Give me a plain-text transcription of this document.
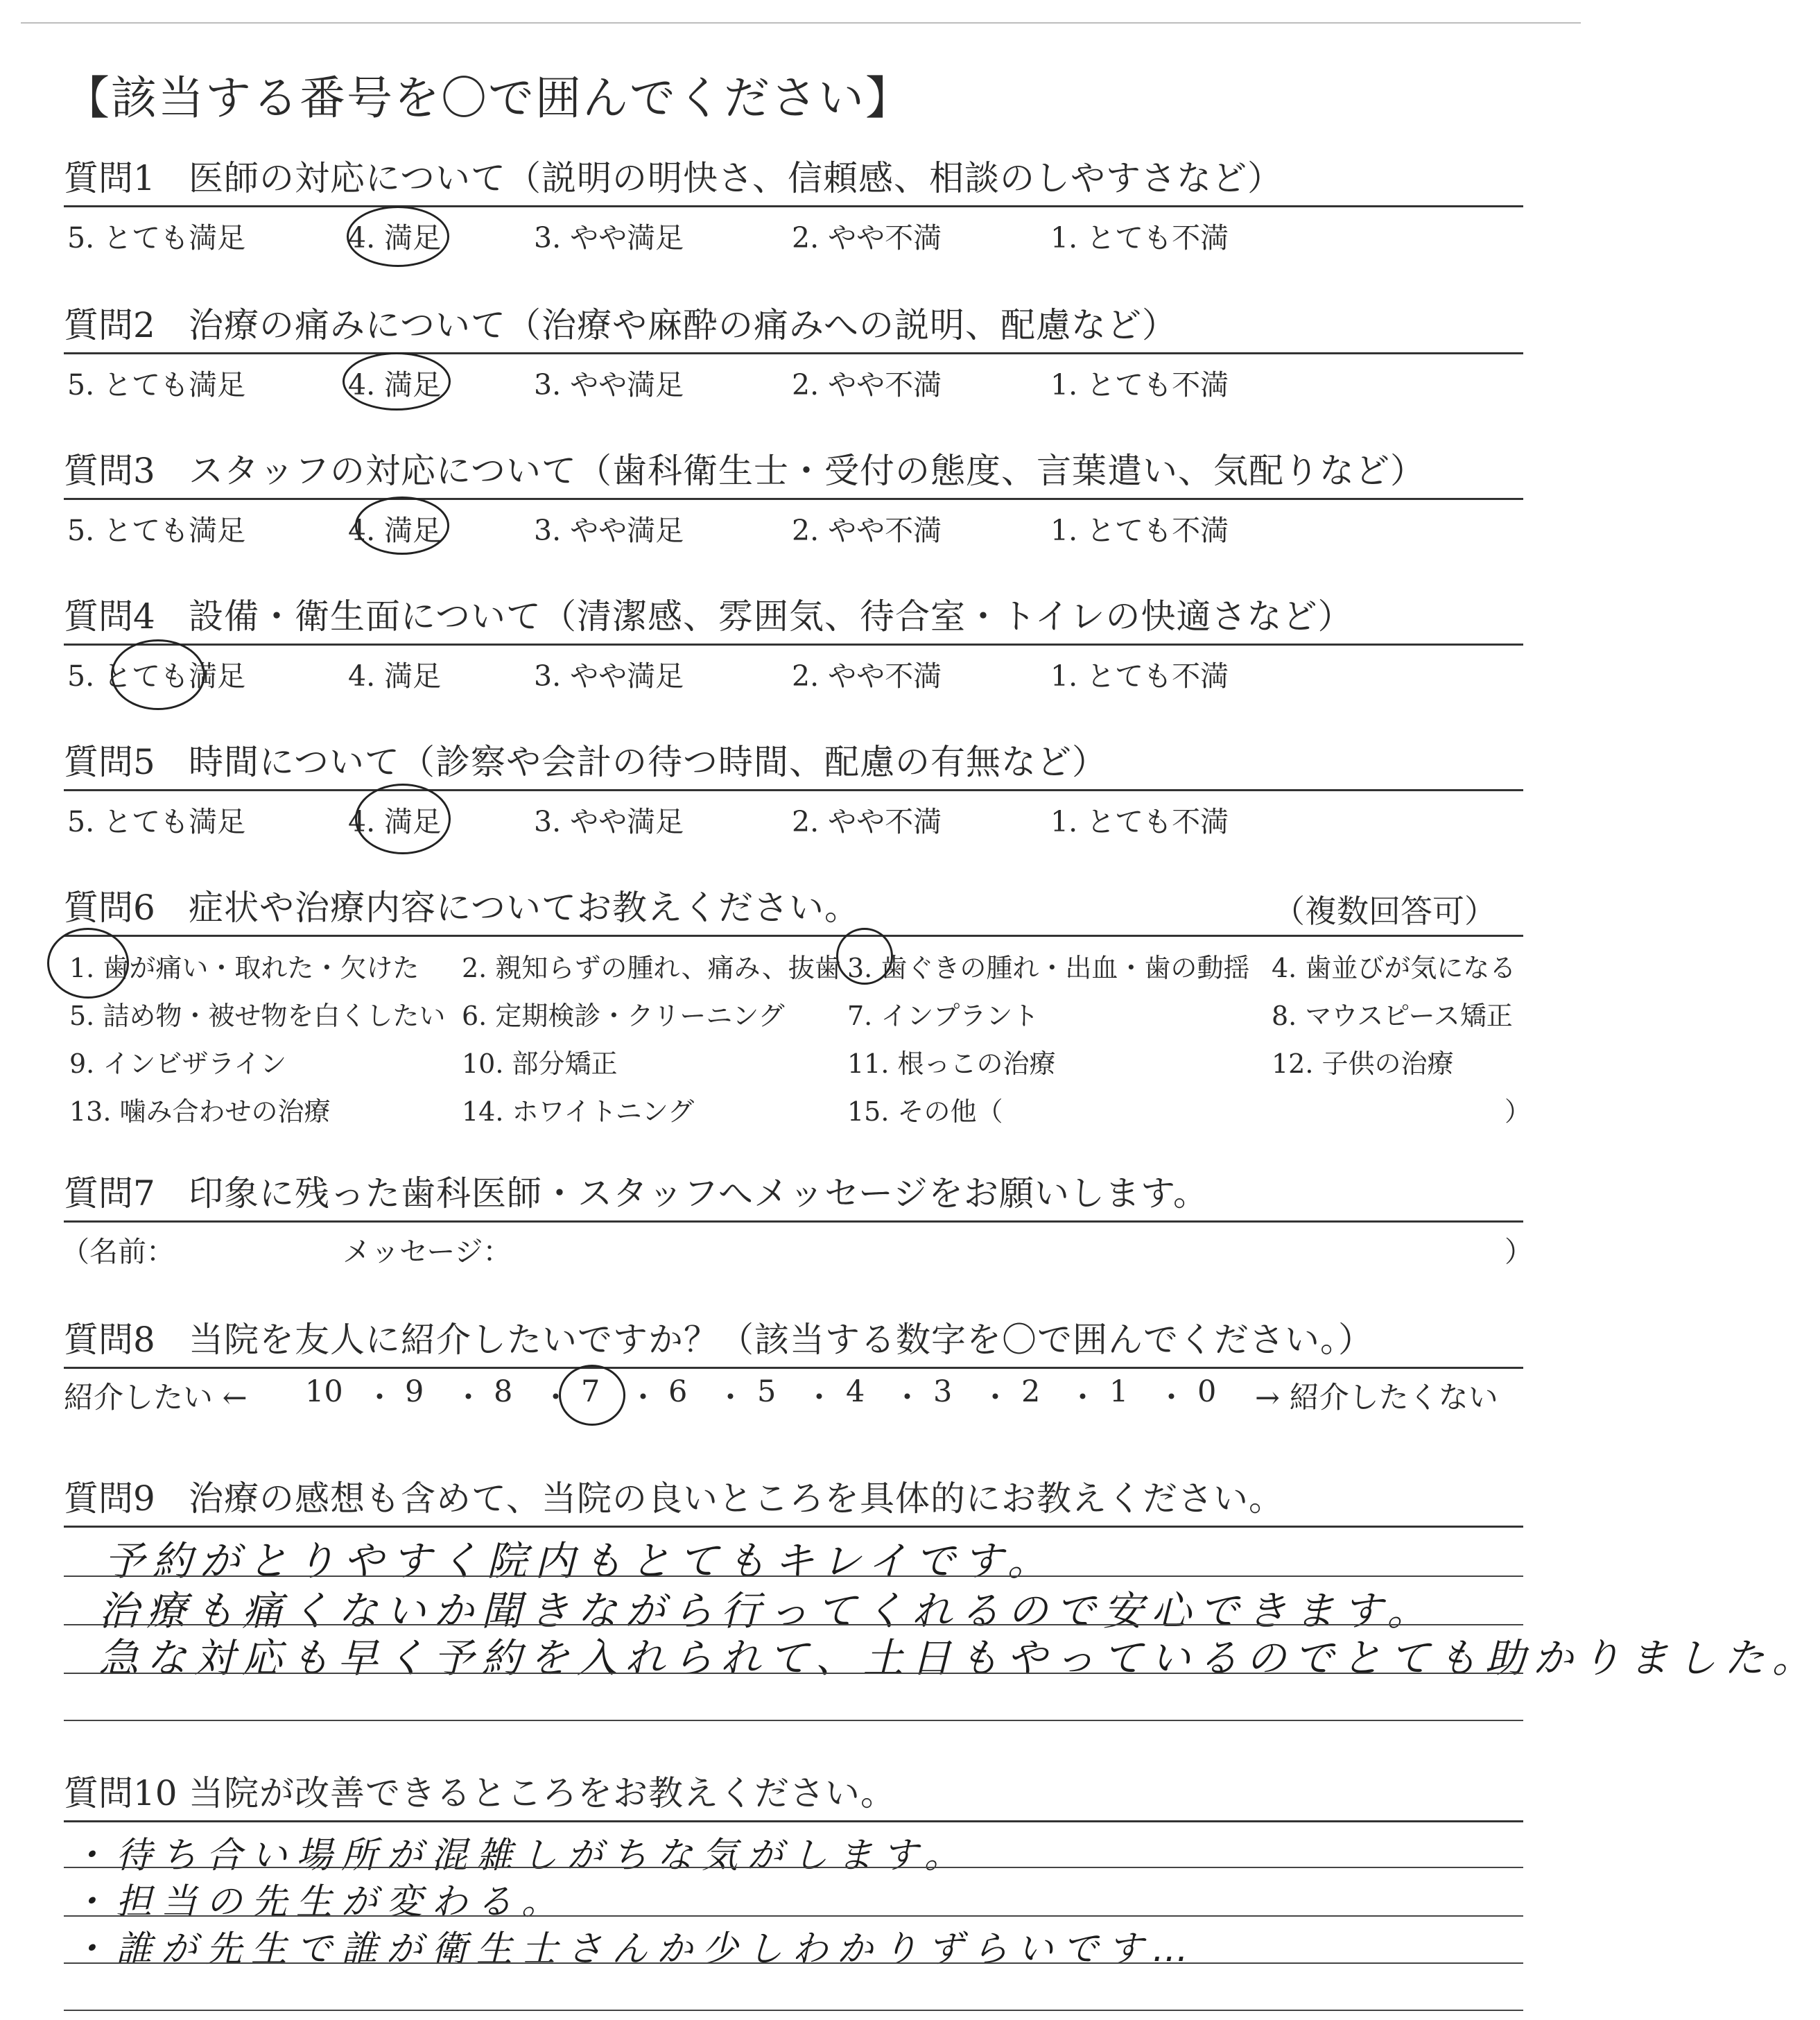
【該当する番号を〇で囲んでください】
質問1 医師の対応について（説明の明快さ、信頼感、相談のしやすさなど）
5. とても満足	4. 満足	3. やや満足	2. やや不満	1. とても不満
質問2 治療の痛みについて（治療や麻酔の痛みへの説明、配慮など）
5. とても満足	4. 満足	3. やや満足	2. やや不満	1. とても不満
質問3 スタッフの対応について（歯科衛生士・受付の態度、言葉遣い、気配りなど）
5. とても満足	4. 満足	3. やや満足	2. やや不満	1. とても不満
質問4 設備・衛生面について（清潔感、雰囲気、待合室・トイレの快適さなど）
5. とても満足	4. 満足	3. やや満足	2. やや不満	1. とても不満
質問5 時間について（診察や会計の待つ時間、配慮の有無など）
5. とても満足	4. 満足	3. やや満足	2. やや不満	1. とても不満
質問6 症状や治療内容についてお教えください。	（複数回答可）
1. 歯が痛い・取れた・欠けた 2. 親知らずの腫れ、痛み、抜歯 3. 歯ぐきの腫れ・出血・歯の動揺 4. 歯並びが気になる
5. 詰め物・被せ物を白くしたい 6. 定期検診・クリーニング 7. インプラント	8. マウスピース矯正
9. インビザライン	10. 部分矯正	11. 根っこの治療	12. 子供の治療
13. 噛み合わせの治療	14. ホワイトニング	15. その他（	）
質問7 印象に残った歯科医師・スタッフへメッセージをお願いします。
（名前：	メッセージ：	）
質問8 当院を友人に紹介したいですか？（該当する数字を〇で囲んでください。）
紹介したい ← 10 9 8 7 6 5 4 3 2 1 0
・ ・ ・ ・ ・ ・ ・ ・ ・ ・ → 紹介したくない
質問9 治療の感想も含めて、当院の良いところを具体的にお教えください。
予約がとりやすく院内もとてもキレイです。
治療も痛くないか聞きながら行ってくれるので安心できます。
急な対応も早く予約を入れられて、土日もやっているのでとても助かりました。
質問10 当院が改善できるところをお教えください。
・待ち合い場所が混雑しがちな気がします。
・担当の先生が変わる。
・誰が先生で誰が衛生士さんか少しわかりずらいです…
